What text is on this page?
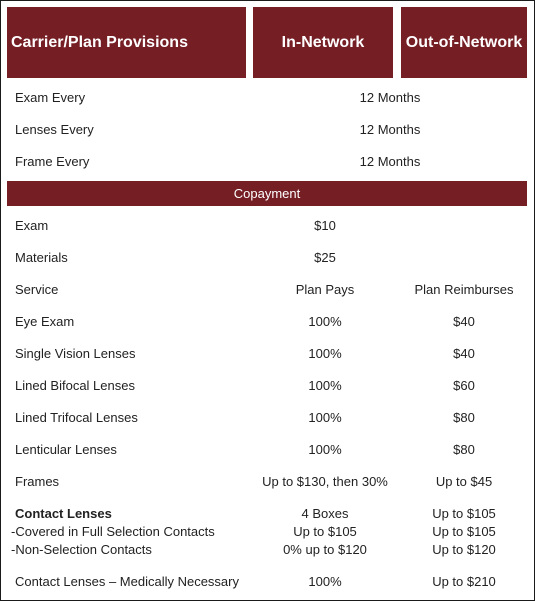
Carrier/Plan Provisions	In-Network	Out-of-Network
Exam Every	12 Months
Lenses Every	12 Months
Frame Every	12 Months
Copayment
Exam	$10
Materials	$25
Service	Plan Pays	Plan Reimburses
Eye Exam	100%	$40
Single Vision Lenses	100%	$40
Lined Bifocal Lenses	100%	$60
Lined Trifocal Lenses	100%	$80
Lenticular Lenses	100%	$80
Frames	Up to $130, then 30%	Up to $45
Contact Lenses	4 Boxes	Up to $105
-Covered in Full Selection Contacts	Up to $105	Up to $105
-Non-Selection Contacts	0% up to $120	Up to $120
Contact Lenses – Medically Necessary	100%	Up to $210
